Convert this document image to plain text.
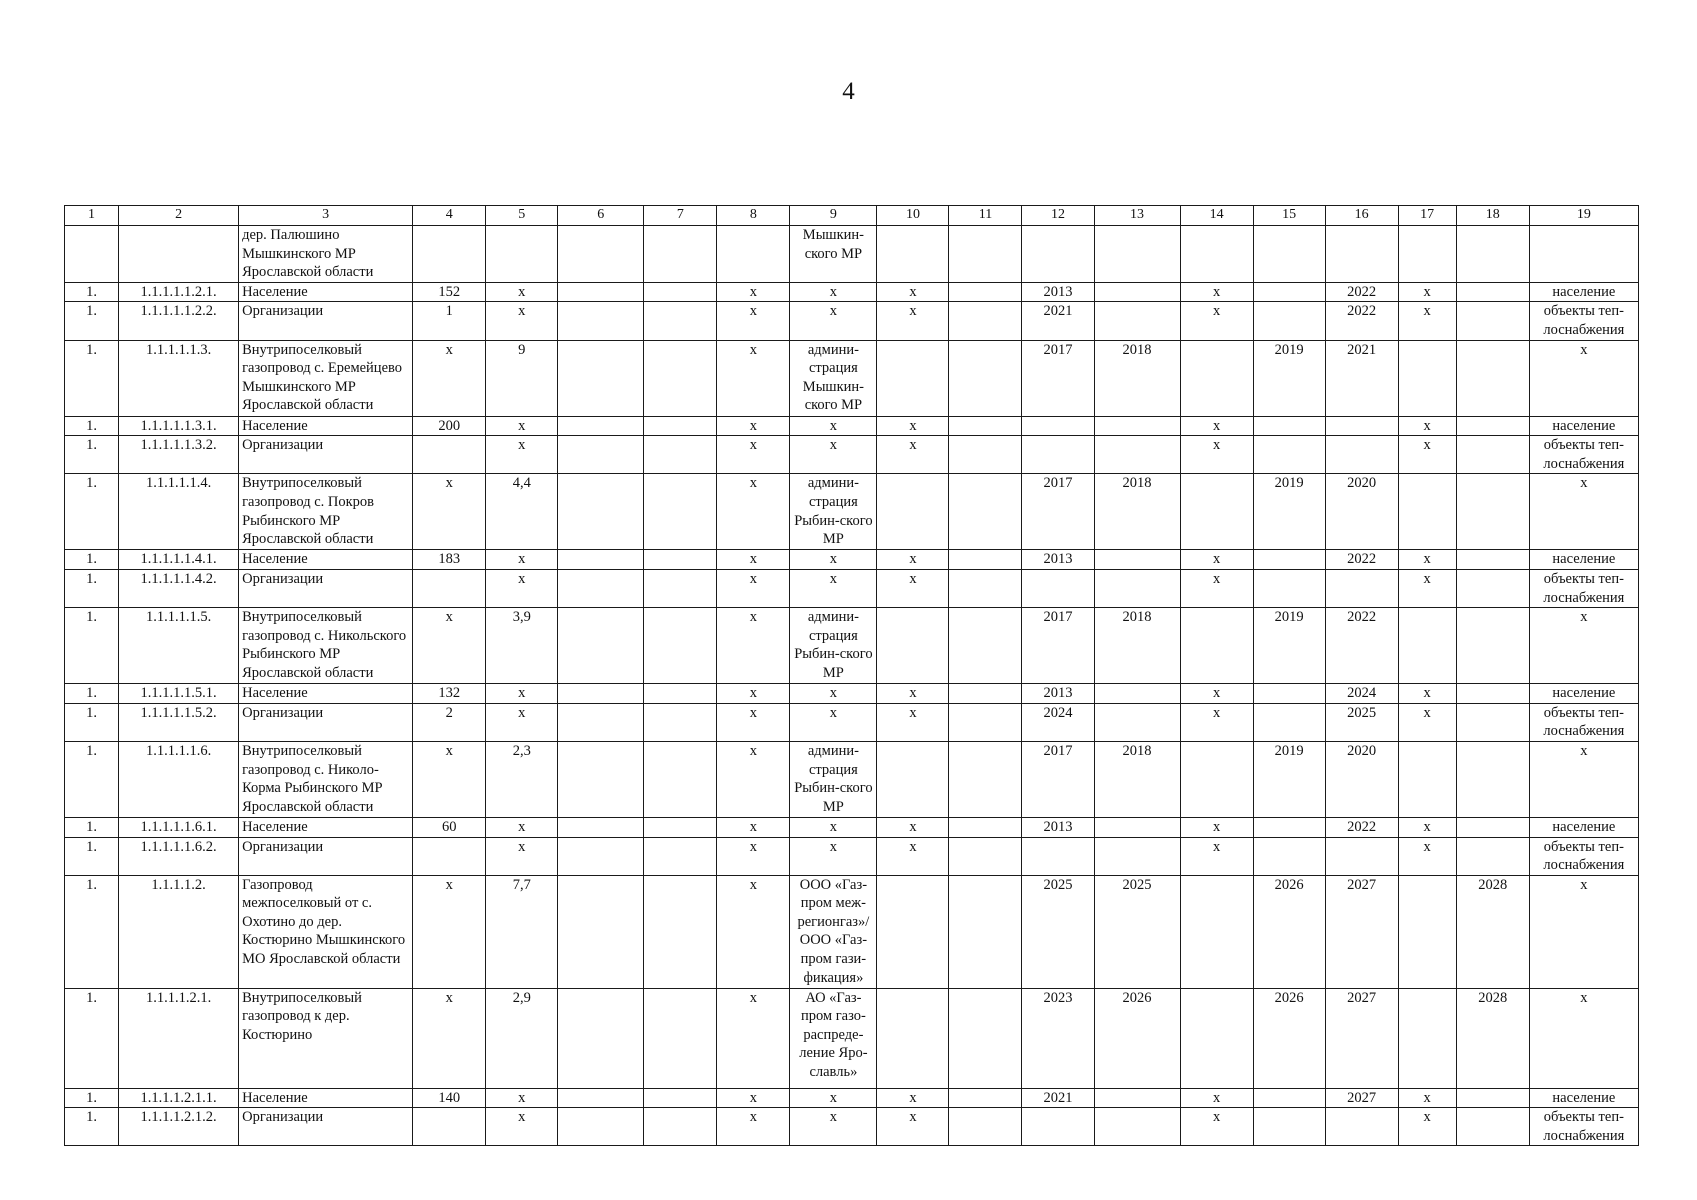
4
1	2	3	4	5	6	7	8	9	10	11	12	13	14	15	16	17	18	19
		дер. Палюшино Мышкинского МР Ярославской области						Мышкин-ского МР										
1.	1.1.1.1.1.2.1.	Население	152	x			x	x	x		2013		x		2022	x		население
1.	1.1.1.1.1.2.2.	Организации	1	x			x	x	x		2021		x		2022	x		объекты теп-лоснабжения
1.	1.1.1.1.1.3.	Внутрипоселковый газопровод с. Еремейцево Мышкинского МР Ярославской области	x	9			x	админи-страция Мышкин-ского МР			2017	2018		2019	2021			x
1.	1.1.1.1.1.3.1.	Население	200	x			x	x	x				x			x		население
1.	1.1.1.1.1.3.2.	Организации		x			x	x	x				x			x		объекты теп-лоснабжения
1.	1.1.1.1.1.4.	Внутрипоселковый газопровод с. Покров Рыбинского МР Ярославской области	x	4,4			x	админи-страция Рыбин-ского МР			2017	2018		2019	2020			x
1.	1.1.1.1.1.4.1.	Население	183	x			x	x	x		2013		x		2022	x		население
1.	1.1.1.1.1.4.2.	Организации		x			x	x	x				x			x		объекты теп-лоснабжения
1.	1.1.1.1.1.5.	Внутрипоселковый газопровод с. Никольского Рыбинского МР Ярославской области	x	3,9			x	админи-страция Рыбин-ского МР			2017	2018		2019	2022			x
1.	1.1.1.1.1.5.1.	Население	132	x			x	x	x		2013		x		2024	x		население
1.	1.1.1.1.1.5.2.	Организации	2	x			x	x	x		2024		x		2025	x		объекты теп-лоснабжения
1.	1.1.1.1.1.6.	Внутрипоселковый газопровод с. Николо-Корма Рыбинского МР Ярославской области	x	2,3			x	админи-страция Рыбин-ского МР			2017	2018		2019	2020			x
1.	1.1.1.1.1.6.1.	Население	60	x			x	x	x		2013		x		2022	x		население
1.	1.1.1.1.1.6.2.	Организации		x			x	x	x				x			x		объекты теп-лоснабжения
1.	1.1.1.1.2.	Газопровод межпоселковый от с. Охотино до дер. Костюрино Мышкинского МО Ярославской области	x	7,7			x	ООО «Газ-пром меж-регионгаз»/ ООО «Газ-пром гази-фикация»			2025	2025		2026	2027		2028	x
1.	1.1.1.1.2.1.	Внутрипоселковый газопровод к дер. Костюрино	x	2,9			x	АО «Газ-пром газо-распреде-ление Яро-славль»			2023	2026		2026	2027		2028	x
1.	1.1.1.1.2.1.1.	Население	140	x			x	x	x		2021		x		2027	x		население
1.	1.1.1.1.2.1.2.	Организации		x			x	x	x				x			x		объекты теп-лоснабжения
